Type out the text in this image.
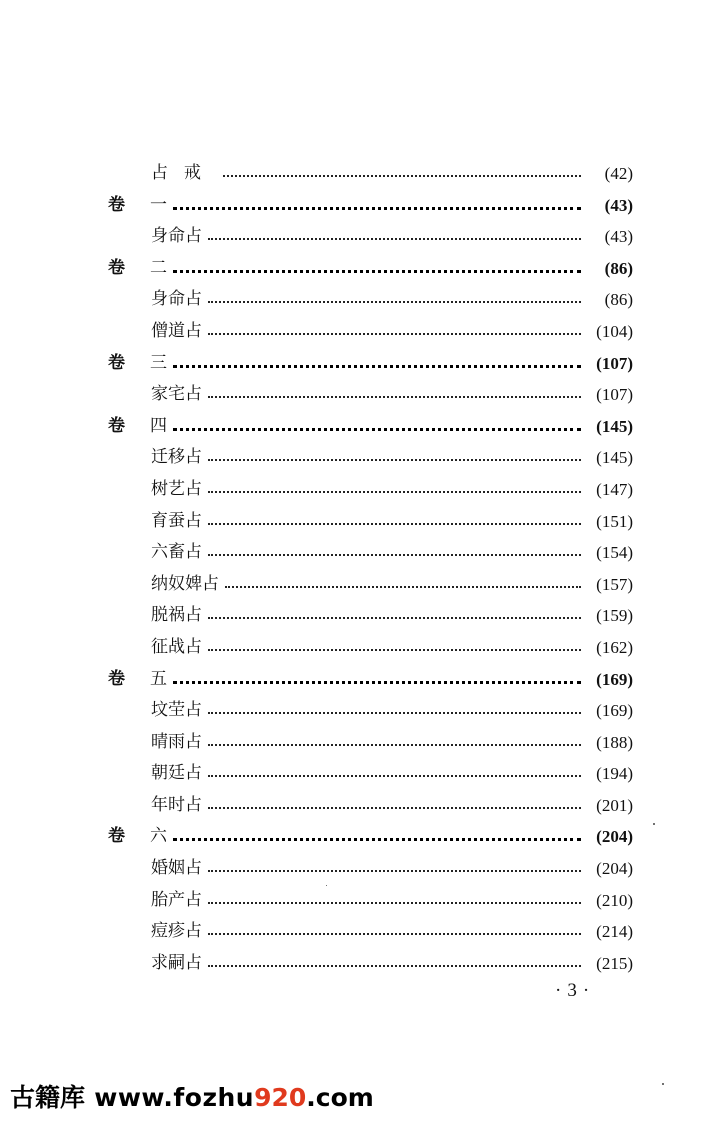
占戒	(42)
卷 一	(43)
身命占	(43)
卷 二	(86)
身命占	(86)
僧道占	(104)
卷 三	(107)
家宅占	(107)
卷 四	(145)
迁移占	(145)
树艺占	(147)
育蚕占	(151)
六畜占	(154)
纳奴婢占	(157)
脱祸占	(159)
征战占	(162)
卷 五	(169)
坟茔占	(169)
晴雨占	(188)
朝廷占	(194)
年时占	(201)
卷 六	(204)
婚姻占	(204)
胎产占	(210)
痘疹占	(214)
求嗣占	(215)
·3·
古籍库 www.fozhu920.com
